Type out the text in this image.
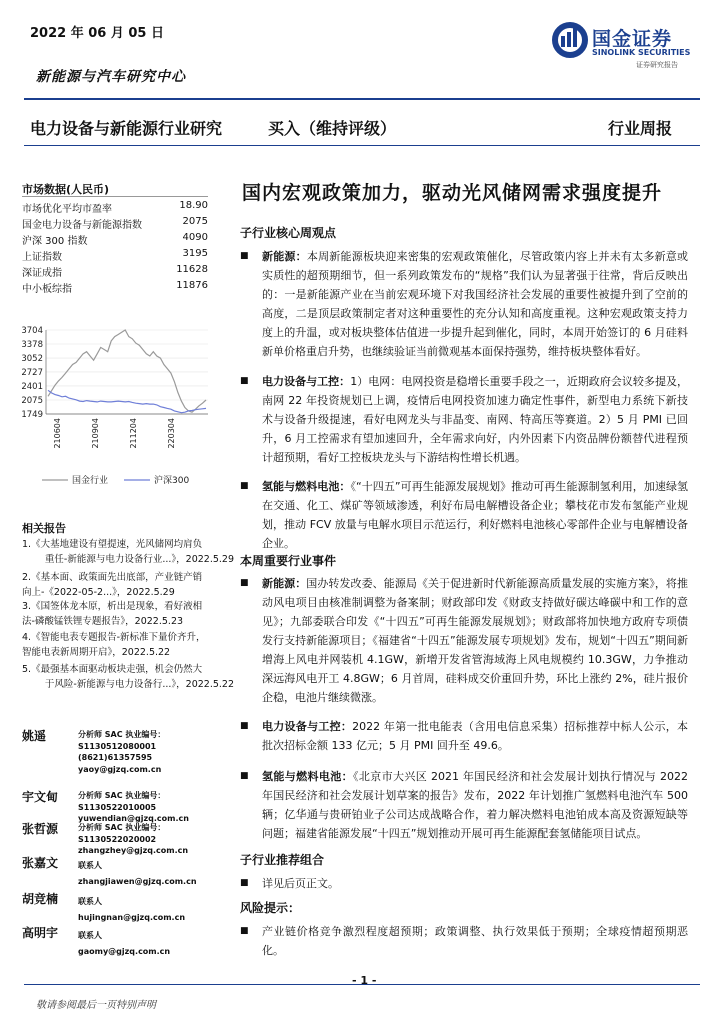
2022 年 06 月 05 日
新能源与汽车研究中心
国金证券
SINOLINK SECURITIES
证券研究报告
电力设备与新能源行业研究	买入（维持评级）	行业周报
市场数据(人民币)
市场优化平均市盈率	18.90
国金电力设备与新能源指数	2075
沪深 300 指数	4090
上证指数	3195
深证成指	11628
中小板综指	11876
3704
3378
3052
2727
2401
2075
1749
210604	210904	211204	220304
国金行业	沪深300
相关报告
1.《大基地建设有望提速，光风储网均肩负
重任-新能源与电力设备行业...》，2022.5.29
2.《基本面、政策面先出底部，产业链产销
向上-《2022-05-2...》，2022.5.29
3.《国签体龙本原，析出是现象，看好液相
法-磷酸锰铁锂专题报告》，2022.5.23
4.《智能电表专题报告-新标准下量价齐升，
智能电表新周期开启》，2022.5.22
5.《最强基本面驱动板块走强，机会仍然大
于风险-新能源与电力设备行...》，2022.5.22
姚遥	分析师 SAC 执业编号：S1130512080001
(8621)61357595
yaoy@gjzq.com.cn
宇文甸 分析师 SAC 执业编号：S1130522010005
yuwendian@gjzq.com.cn
张哲源 分析师 SAC 执业编号：S1130522020002
zhangzhey@gjzq.com.cn
张嘉文 联系人
zhangjiawen@gjzq.com.cn
胡竞楠 联系人
hujingnan@gjzq.com.cn
高明宇 联系人
gaomy@gjzq.com.cn
国内宏观政策加力，驱动光风储网需求强度提升
子行业核心周观点
■ 新能源：本周新能源板块迎来密集的宏观政策催化，尽管政策内容上并未有太多新意或实质性的超预期细节，但一系列政策发布的“规格”我们认为显著强于往常，背后反映出的：一是新能源产业在当前宏观环境下对我国经济社会发展的重要性被提升到了空前的高度，二是顶层政策制定者对这种重要性的充分认知和高度重视。这种宏观政策支持力度上的升温，或对板块整体估值进一步提升起到催化，同时，本周开始签订的 6 月硅料新单价格重启升势，也继续验证当前微观基本面保持强势，维持板块整体看好。
■ 电力设备与工控：1）电网：电网投资是稳增长重要手段之一，近期政府会议较多提及，南网 22 年投资规划已上调，疫情后电网投资加速力确定性事件，新型电力系统下新技术与设备升级提速，看好电网龙头与非晶变、南网、特高压等赛道。2）5 月 PMI 已回升，6 月工控需求有望加速回升，全年需求向好，内外因素下内资品牌份额替代进程预计超预期，看好工控板块龙头与下游结构性增长机遇。
■ 氢能与燃料电池：《“十四五”可再生能源发展规划》推动可再生能源制氢利用，加速绿氢在交通、化工、煤矿等领域渗透，利好布局电解槽设备企业；攀枝花市发布氢能产业规划，推动 FCV 放量与电解水项目示范运行，利好燃料电池核心零部件企业与电解槽设备企业。
本周重要行业事件
■ 新能源：国办转发改委、能源局《关于促进新时代新能源高质量发展的实施方案》，将推动风电项目由核准制调整为备案制；财政部印发《财政支持做好碳达峰碳中和工作的意见》；九部委联合印发《“十四五”可再生能源发展规划》；财政部将加快地方政府专项债发行支持新能源项目；《福建省“十四五”能源发展专项规划》发布，规划“十四五”期间新增海上风电并网装机 4.1GW，新增开发省管海域海上风电规模约 10.3GW，力争推动深远海风电开工 4.8GW；6 月首周，硅料成交价重回升势，环比上涨约 2%，硅片报价企稳，电池片继续微涨。
■ 电力设备与工控：2022 年第一批电能表（含用电信息采集）招标推荐中标人公示，本批次招标金额 133 亿元；5 月 PMI 回升至 49.6。
■ 氢能与燃料电池：《北京市大兴区 2021 年国民经济和社会发展计划执行情况与 2022 年国民经济和社会发展计划草案的报告》发布，2022 年计划推广氢燃料电池汽车 500 辆；亿华通与贵研铂业子公司达成战略合作，着力解决燃料电池铂成本高及资源短缺等问题；福建省能源发展“十四五”规划推动开展可再生能源配套氢储能项目试点。
子行业推荐组合
■ 详见后页正文。
风险提示：
■ 产业链价格竞争激烈程度超预期；政策调整、执行效果低于预期；全球疫情超预期恶化。
- 1 -
敬请参阅最后一页特别声明
